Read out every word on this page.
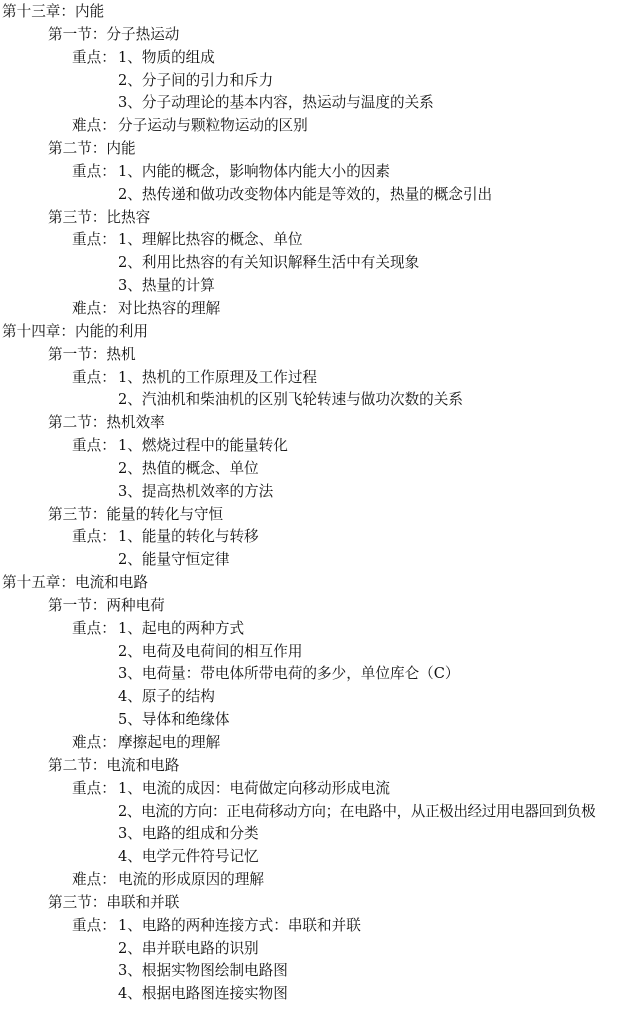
第十三章：内能
第一节：分子热运动
重点： 1、物质的组成
2、分子间的引力和斥力
3、分子动理论的基本内容，热运动与温度的关系
难点： 分子运动与颗粒物运动的区别
第二节：内能
重点： 1、内能的概念，影响物体内能大小的因素
2、热传递和做功改变物体内能是等效的，热量的概念引出
第三节：比热容
重点： 1、理解比热容的概念、单位
2、利用比热容的有关知识解释生活中有关现象
3、热量的计算
难点： 对比热容的理解
第十四章：内能的利用
第一节：热机
重点： 1、热机的工作原理及工作过程
2、汽油机和柴油机的区别飞轮转速与做功次数的关系
第二节：热机效率
重点： 1、燃烧过程中的能量转化
2、热值的概念、单位
3、提高热机效率的方法
第三节：能量的转化与守恒
重点： 1、能量的转化与转移
2、能量守恒定律
第十五章：电流和电路
第一节：两种电荷
重点： 1、起电的两种方式
2、电荷及电荷间的相互作用
3、电荷量：带电体所带电荷的多少，单位库仑（C）
4、原子的结构
5、导体和绝缘体
难点： 摩擦起电的理解
第二节：电流和电路
重点： 1、电流的成因：电荷做定向移动形成电流
2、电流的方向：正电荷移动方向；在电路中，从正极出经过用电器回到负极
3、电路的组成和分类
4、电学元件符号记忆
难点： 电流的形成原因的理解
第三节：串联和并联
重点： 1、电路的两种连接方式：串联和并联
2、串并联电路的识别
3、根据实物图绘制电路图
4、根据电路图连接实物图
